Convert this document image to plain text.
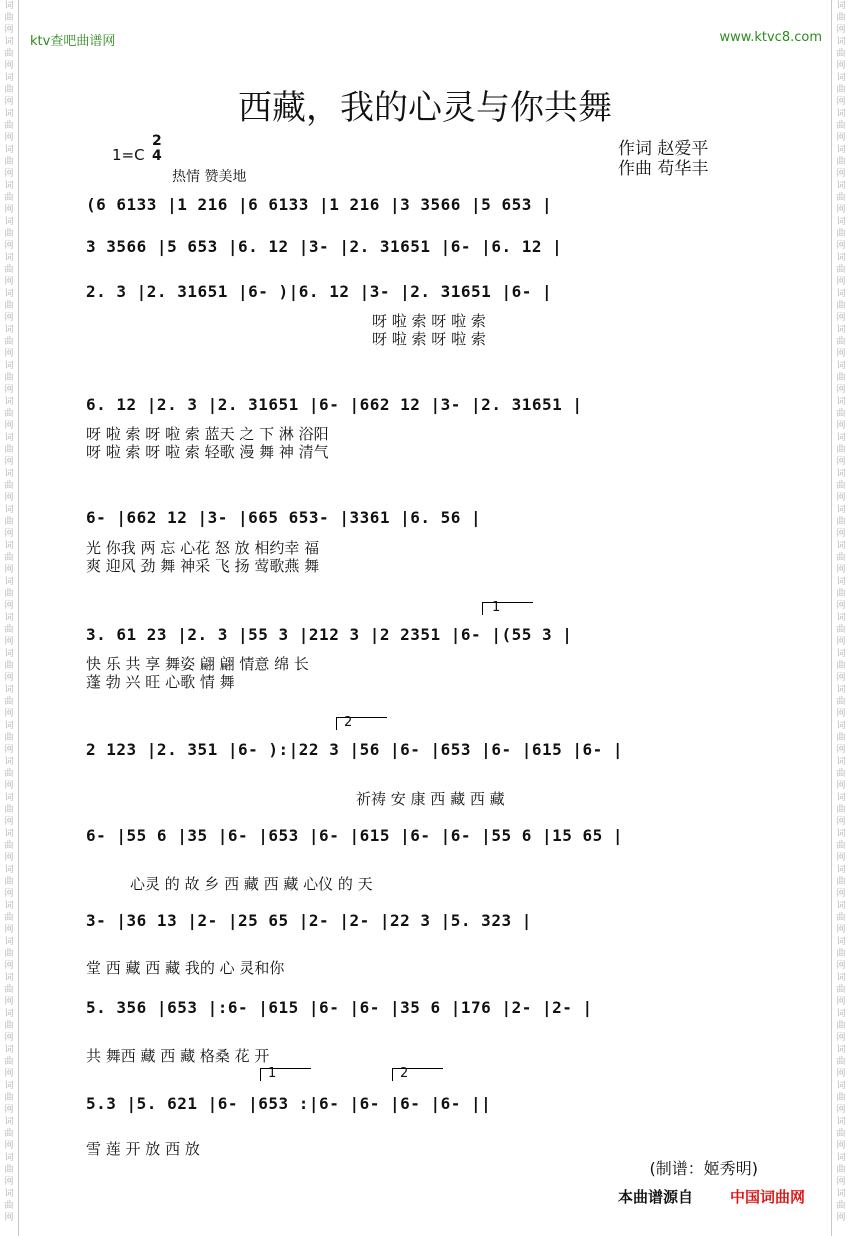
词曲网词曲网词曲网词曲网词曲网词曲网词曲网词曲网词曲网词曲网词曲网词曲网词曲网词曲网词曲网词曲网词曲网词曲网词曲网词曲网词曲网词曲网词曲网词曲网词曲网词曲网词曲网词曲网词曲网词曲网词曲网词曲网词曲网词曲网
词曲网词曲网词曲网词曲网词曲网词曲网词曲网词曲网词曲网词曲网词曲网词曲网词曲网词曲网词曲网词曲网词曲网词曲网词曲网词曲网词曲网词曲网词曲网词曲网词曲网词曲网词曲网词曲网词曲网词曲网词曲网词曲网词曲网词曲网
ktv查吧曲谱网	www.ktvc8.com
西藏，我的心灵与你共舞
1=C
2
4
热情 赞美地
作词 赵爱平
作曲 苟华丰
(6 6133 |1 216 |6 6133 |1 216 |3 3566 |5 653 |
3 3566 |5 653 |6. 12 |3- |2. 31651 |6- |6. 12 |
2. 3 |2. 31651 |6- )|6. 12 |3- |2. 31651 |6- |
呀 啦 索 呀 啦 索
呀 啦 索 呀 啦 索
6. 12 |2. 3 |2. 31651 |6- |662 12 |3- |2. 31651 |
呀 啦 索 呀 啦 索 蓝天 之 下 淋 浴阳
呀 啦 索 呀 啦 索 轻歌 漫 舞 神 清气
6- |662 12 |3- |665 653- |3361 |6. 56 |
光 你我 两 忘 心花 怒 放 相约幸 福
爽 迎风 劲 舞 神采 飞 扬 莺歌燕 舞
1
3. 61 23 |2. 3 |55 3 |212 3 |2 2351 |6- |(55 3 |
快 乐 共 享 舞姿 翩 翩 情意 绵 长
蓬 勃 兴 旺 心歌 情 舞
2
2 123 |2. 351 |6- ):|22 3 |56 |6- |653 |6- |615 |6- |
祈祷 安 康 西 藏 西 藏
6- |55 6 |35 |6- |653 |6- |615 |6- |6- |55 6 |15 65 |
心灵 的 故 乡 西 藏 西 藏 心仪 的 天
3- |36 13 |2- |25 65 |2- |2- |22 3 |5. 323 |
堂 西 藏 西 藏 我的 心 灵和你
5. 356 |653 |:6- |615 |6- |6- |35 6 |176 |2- |2- |
共 舞西 藏 西 藏 格桑 花 开
1	2
5.3 |5. 621 |6- |653 :|6- |6- |6- |6- ||
雪 莲 开 放 西 放
(制谱：姬秀明)
本曲谱源自 中国词曲网
